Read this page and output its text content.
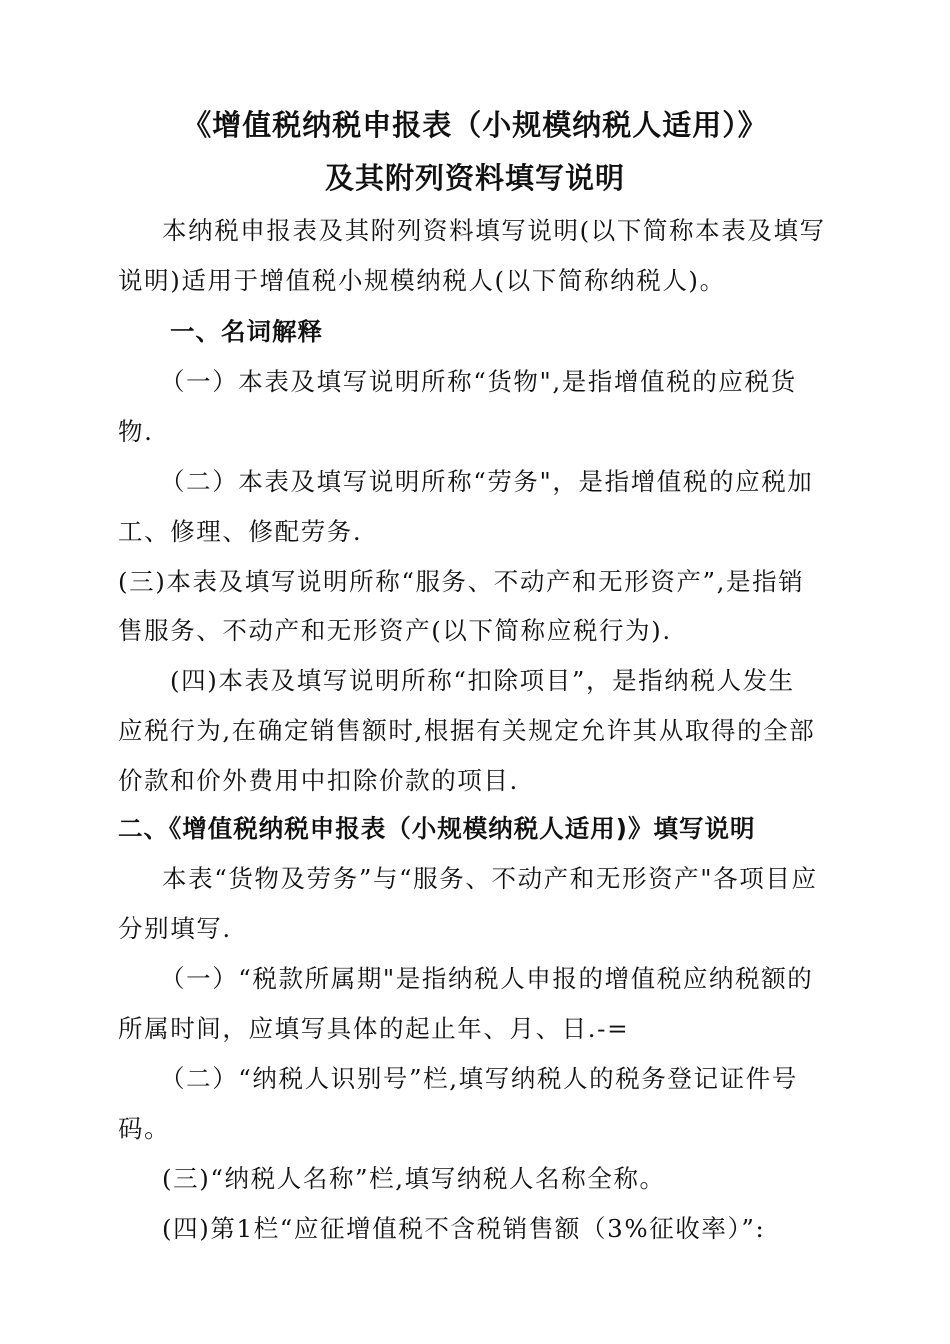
《增值税纳税申报表（小规模纳税人适用）》
及其附列资料填写说明
本纳税申报表及其附列资料填写说明(以下简称本表及填写
说明)适用于增值税小规模纳税人(以下简称纳税人)。
一、名词解释
（一）本表及填写说明所称“货物",是指增值税的应税货
物.
（二）本表及填写说明所称“劳务"，是指增值税的应税加
工、修理、修配劳务.
(三)本表及填写说明所称“服务、不动产和无形资产”,是指销
售服务、不动产和无形资产(以下简称应税行为).
(四)本表及填写说明所称“扣除项目”，是指纳税人发生
应税行为,在确定销售额时,根据有关规定允许其从取得的全部
价款和价外费用中扣除价款的项目.
二、《增值税纳税申报表（小规模纳税人适用)》填写说明
本表“货物及劳务”与“服务、不动产和无形资产"各项目应
分别填写.
（一）“税款所属期"是指纳税人申报的增值税应纳税额的
所属时间，应填写具体的起止年、月、日.-=
（二）“纳税人识别号”栏,填写纳税人的税务登记证件号
码。
(三)“纳税人名称”栏,填写纳税人名称全称。
(四)第1栏“应征增值税不含税销售额（3%征收率）”:
